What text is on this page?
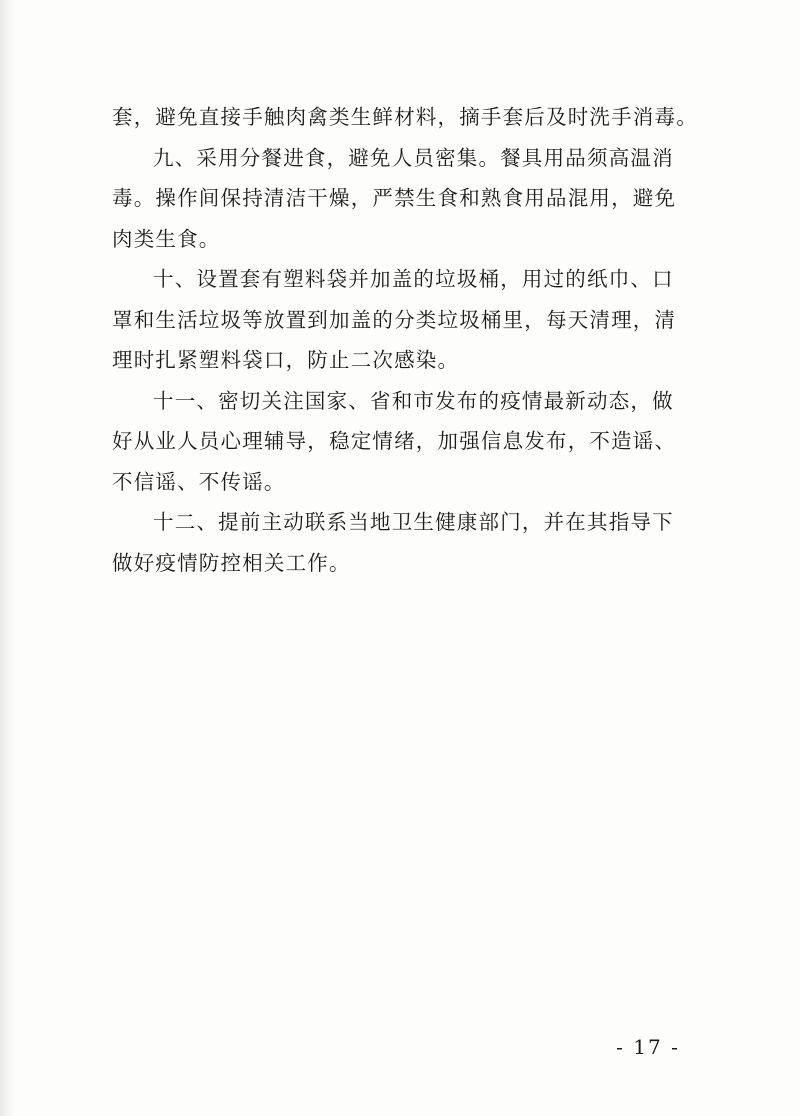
套，避免直接手触肉禽类生鲜材料，摘手套后及时洗手消毒。

九、采用分餐进食，避免人员密集。餐具用品须高温消
毒。操作间保持清洁干燥，严禁生食和熟食用品混用，避免
肉类生食。

十、设置套有塑料袋并加盖的垃圾桶，用过的纸巾、口
罩和生活垃圾等放置到加盖的分类垃圾桶里，每天清理，清
理时扎紧塑料袋口，防止二次感染。

十一、密切关注国家、省和市发布的疫情最新动态，做
好从业人员心理辅导，稳定情绪，加强信息发布，不造谣、
不信谣、不传谣。

十二、提前主动联系当地卫生健康部门，并在其指导下
做好疫情防控相关工作。

- 17 -
